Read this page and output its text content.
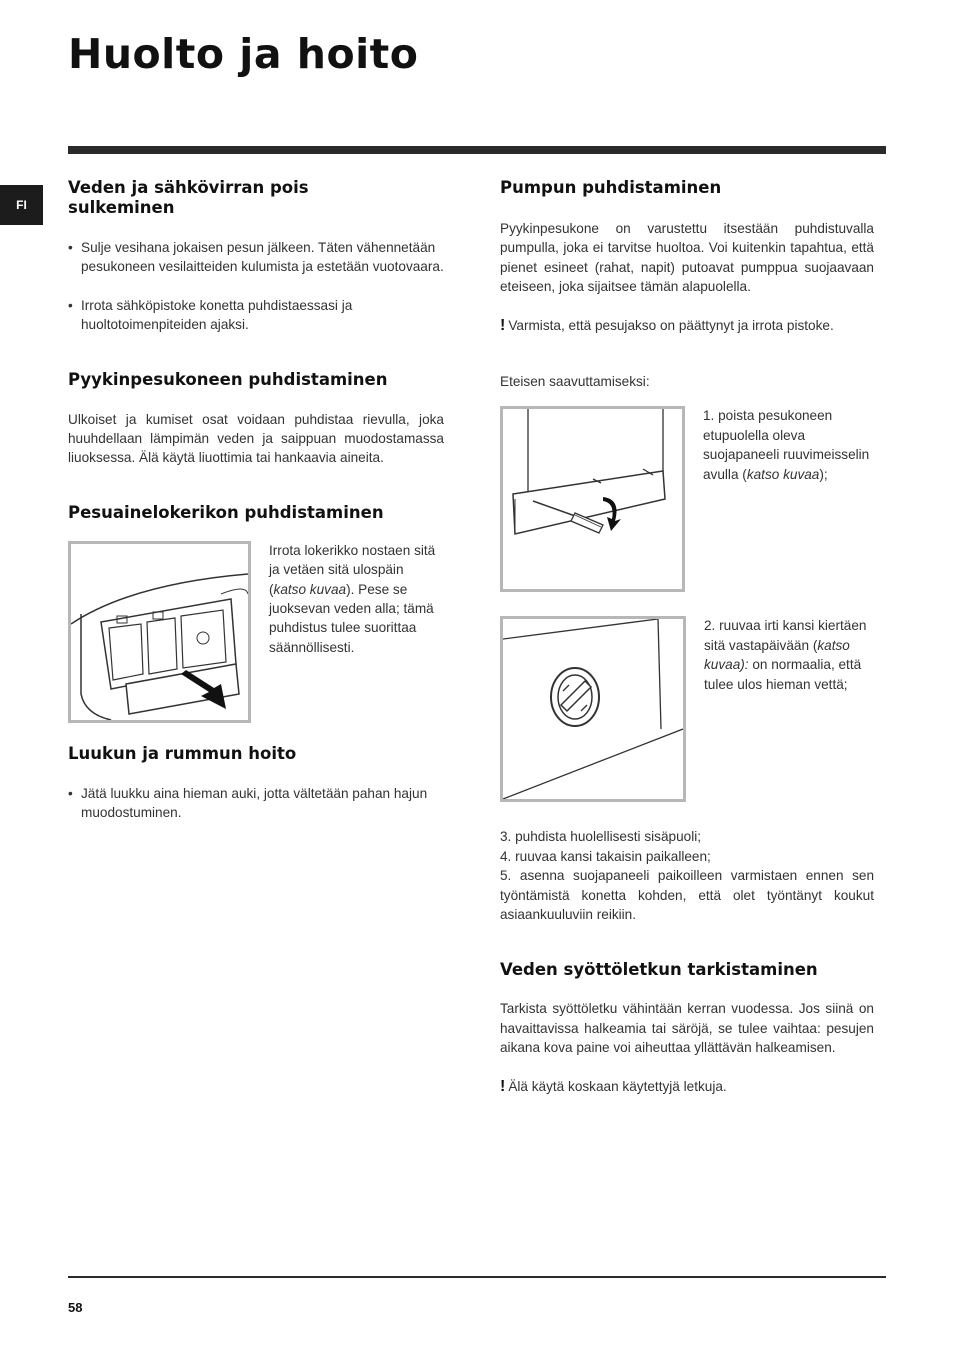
Huolto ja hoito
FI
Veden ja sähkövirran pois sulkeminen
• Sulje vesihana jokaisen pesun jälkeen. Täten vähennetään pesukoneen vesilaitteiden kulumista ja estetään vuotovaara.
• Irrota sähköpistoke konetta puhdistaessasi ja huoltotoimenpiteiden ajaksi.
Pyykinpesukoneen puhdistaminen

Ulkoiset ja kumiset osat voidaan puhdistaa rievulla, joka huuhdellaan lämpimän veden ja saippuan muodostamassa liuoksessa. Älä käytä liuottimia tai hankaavia aineita.

Pesuainelokerikon puhdistaminen
Irrota lokerikko nostaen sitä ja vetäen sitä ulospäin (katso kuvaa). Pese se juoksevan veden alla; tämä puhdistus tulee suorittaa säännöllisesti.
Luukun ja rummun hoito
• Jätä luukku aina hieman auki, jotta vältetään pahan hajun muodostuminen.
Pumpun puhdistaminen

Pyykinpesukone on varustettu itsestään puhdistuvalla pumpulla, joka ei tarvitse huoltoa. Voi kuitenkin tapahtua, että pienet esineet (rahat, napit) putoavat pumppua suojaavaan eteiseen, joka sijaitsee tämän alapuolella.

! Varmista, että pesujakso on päättynyt ja irrota pistoke.

Eteisen saavuttamiseksi:

1. poista pesukoneen etupuolella oleva suojapaneeli ruuvimeisselin avulla (katso kuvaa);
2. ruuvaa irti kansi kiertäen sitä vastapäivään (katso kuvaa): on normaalia, että tulee ulos hieman vettä;

3. puhdista huolellisesti sisäpuoli;

4. ruuvaa kansi takaisin paikalleen;

5. asenna suojapaneeli paikoilleen varmistaen ennen sen työntämistä konetta kohden, että olet työntänyt koukut asiaankuuluviin reikiin.

Veden syöttöletkun tarkistaminen

Tarkista syöttöletku vähintään kerran vuodessa. Jos siinä on havaittavissa halkeamia tai säröjä, se tulee vaihtaa: pesujen aikana kova paine voi aiheuttaa yllättävän halkeamisen.

! Älä käytä koskaan käytettyjä letkuja.

58
